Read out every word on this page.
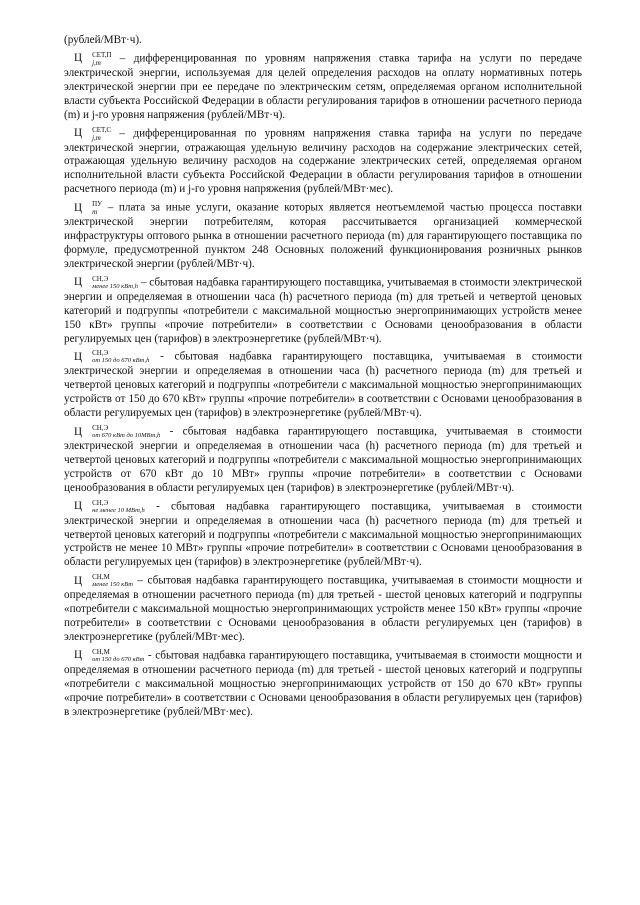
(рублей/МВт·ч).

Ц	СЕТ,П
j,m	– дифференцированная по уровням напряжения ставка тарифа на услуги по передаче электрической энергии, используемая для целей определения расходов на оплату нормативных потерь электрической энергии при ее передаче по электрическим сетям, определяемая органом исполнительной власти субъекта Российской Федерации в области регулирования тарифов в отношении расчетного периода (m) и j-го уровня напряжения (рублей/МВт·ч).

Ц	СЕТ,С
j,m	– дифференцированная по уровням напряжения ставка тарифа на услуги по передаче электрической энергии, отражающая удельную величину расходов на содержание электрических сетей, отражающая удельную величину расходов на содержание электрических сетей, определяемая органом исполнительной власти субъекта Российской Федерации в области регулирования тарифов в отношении расчетного периода (m) и j-го уровня напряжения (рублей/МВт·мес).

Ц	ПУ
m – плата за иные услуги, оказание которых является неотъемлемой частью процесса поставки электрической энергии потребителям, которая рассчитывается организацией коммерческой инфраструктуры оптового рынка в отношении расчетного периода (m) для гарантирующего поставщика по формуле, предусмотренной пунктом 248 Основных положений функционирования розничных рынков электрической энергии (рублей/МВт·ч).

Ц	СН,Э
менее 150 кВт,h – сбытовая надбавка гарантирующего поставщика, учитываемая в стоимости электрической энергии и определяемая в отношении часа (h) расчетного периода (m) для третьей и четвертой ценовых категорий и подгруппы «потребители с максимальной мощностью энергопринимающих устройств менее 150 кВт» группы «прочие потребители» в соответствии с Основами ценообразования в области регулируемых цен (тарифов) в электроэнергетике (рублей/МВт·ч).

Ц	СН,Э
от 150 до 670 кВт,h - сбытовая надбавка гарантирующего поставщика, учитываемая в стоимости электрической энергии и определяемая в отношении часа (h) расчетного периода (m) для третьей и четвертой ценовых категорий и подгруппы «потребители с максимальной мощностью энергопринимающих устройств от 150 до 670 кВт» группы «прочие потребители» в соответствии с Основами ценообразования в области регулируемых цен (тарифов) в электроэнергетике (рублей/МВт·ч).

Ц	СН,Э
от 670 кВт до 10МВт,h - сбытовая надбавка гарантирующего поставщика, учитываемая в стоимости электрической энергии и определяемая в отношении часа (h) расчетного периода (m) для третьей и четвертой ценовых категорий и подгруппы «потребители с максимальной мощностью энергопринимающих устройств от 670 кВт до 10 МВт» группы «прочие потребители» в соответствии с Основами ценообразования в области регулируемых цен (тарифов) в электроэнергетике (рублей/МВт·ч).

Ц	СН,Э
не менее 10 МВт,h - сбытовая надбавка гарантирующего поставщика, учитываемая в стоимости электрической энергии и определяемая в отношении часа (h) расчетного периода (m) для третьей и четвертой ценовых категорий и подгруппы «потребители с максимальной мощностью энергопринимающих устройств не менее 10 МВт» группы «прочие потребители» в соответствии с Основами ценообразования в области регулируемых цен (тарифов) в электроэнергетике (рублей/МВт·ч).

Ц	СН,М
менее 150 кВт – сбытовая надбавка гарантирующего поставщика, учитываемая в стоимости мощности и определяемая в отношении расчетного периода (m) для третьей - шестой ценовых категорий и подгруппы «потребители с максимальной мощностью энергопринимающих устройств менее 150 кВт» группы «прочие потребители» в соответствии с Основами ценообразования в области регулируемых цен (тарифов) в электроэнергетике (рублей/МВт·мес).

Ц	СН,М
от 150 до 670 кВт - сбытовая надбавка гарантирующего поставщика, учитываемая в стоимости мощности и определяемая в отношении расчетного периода (m) для третьей - шестой ценовых категорий и подгруппы «потребители с максимальной мощностью энергопринимающих устройств от 150 до 670 кВт» группы «прочие потребители» в соответствии с Основами ценообразования в области регулируемых цен (тарифов) в электроэнергетике (рублей/МВт·мес).
